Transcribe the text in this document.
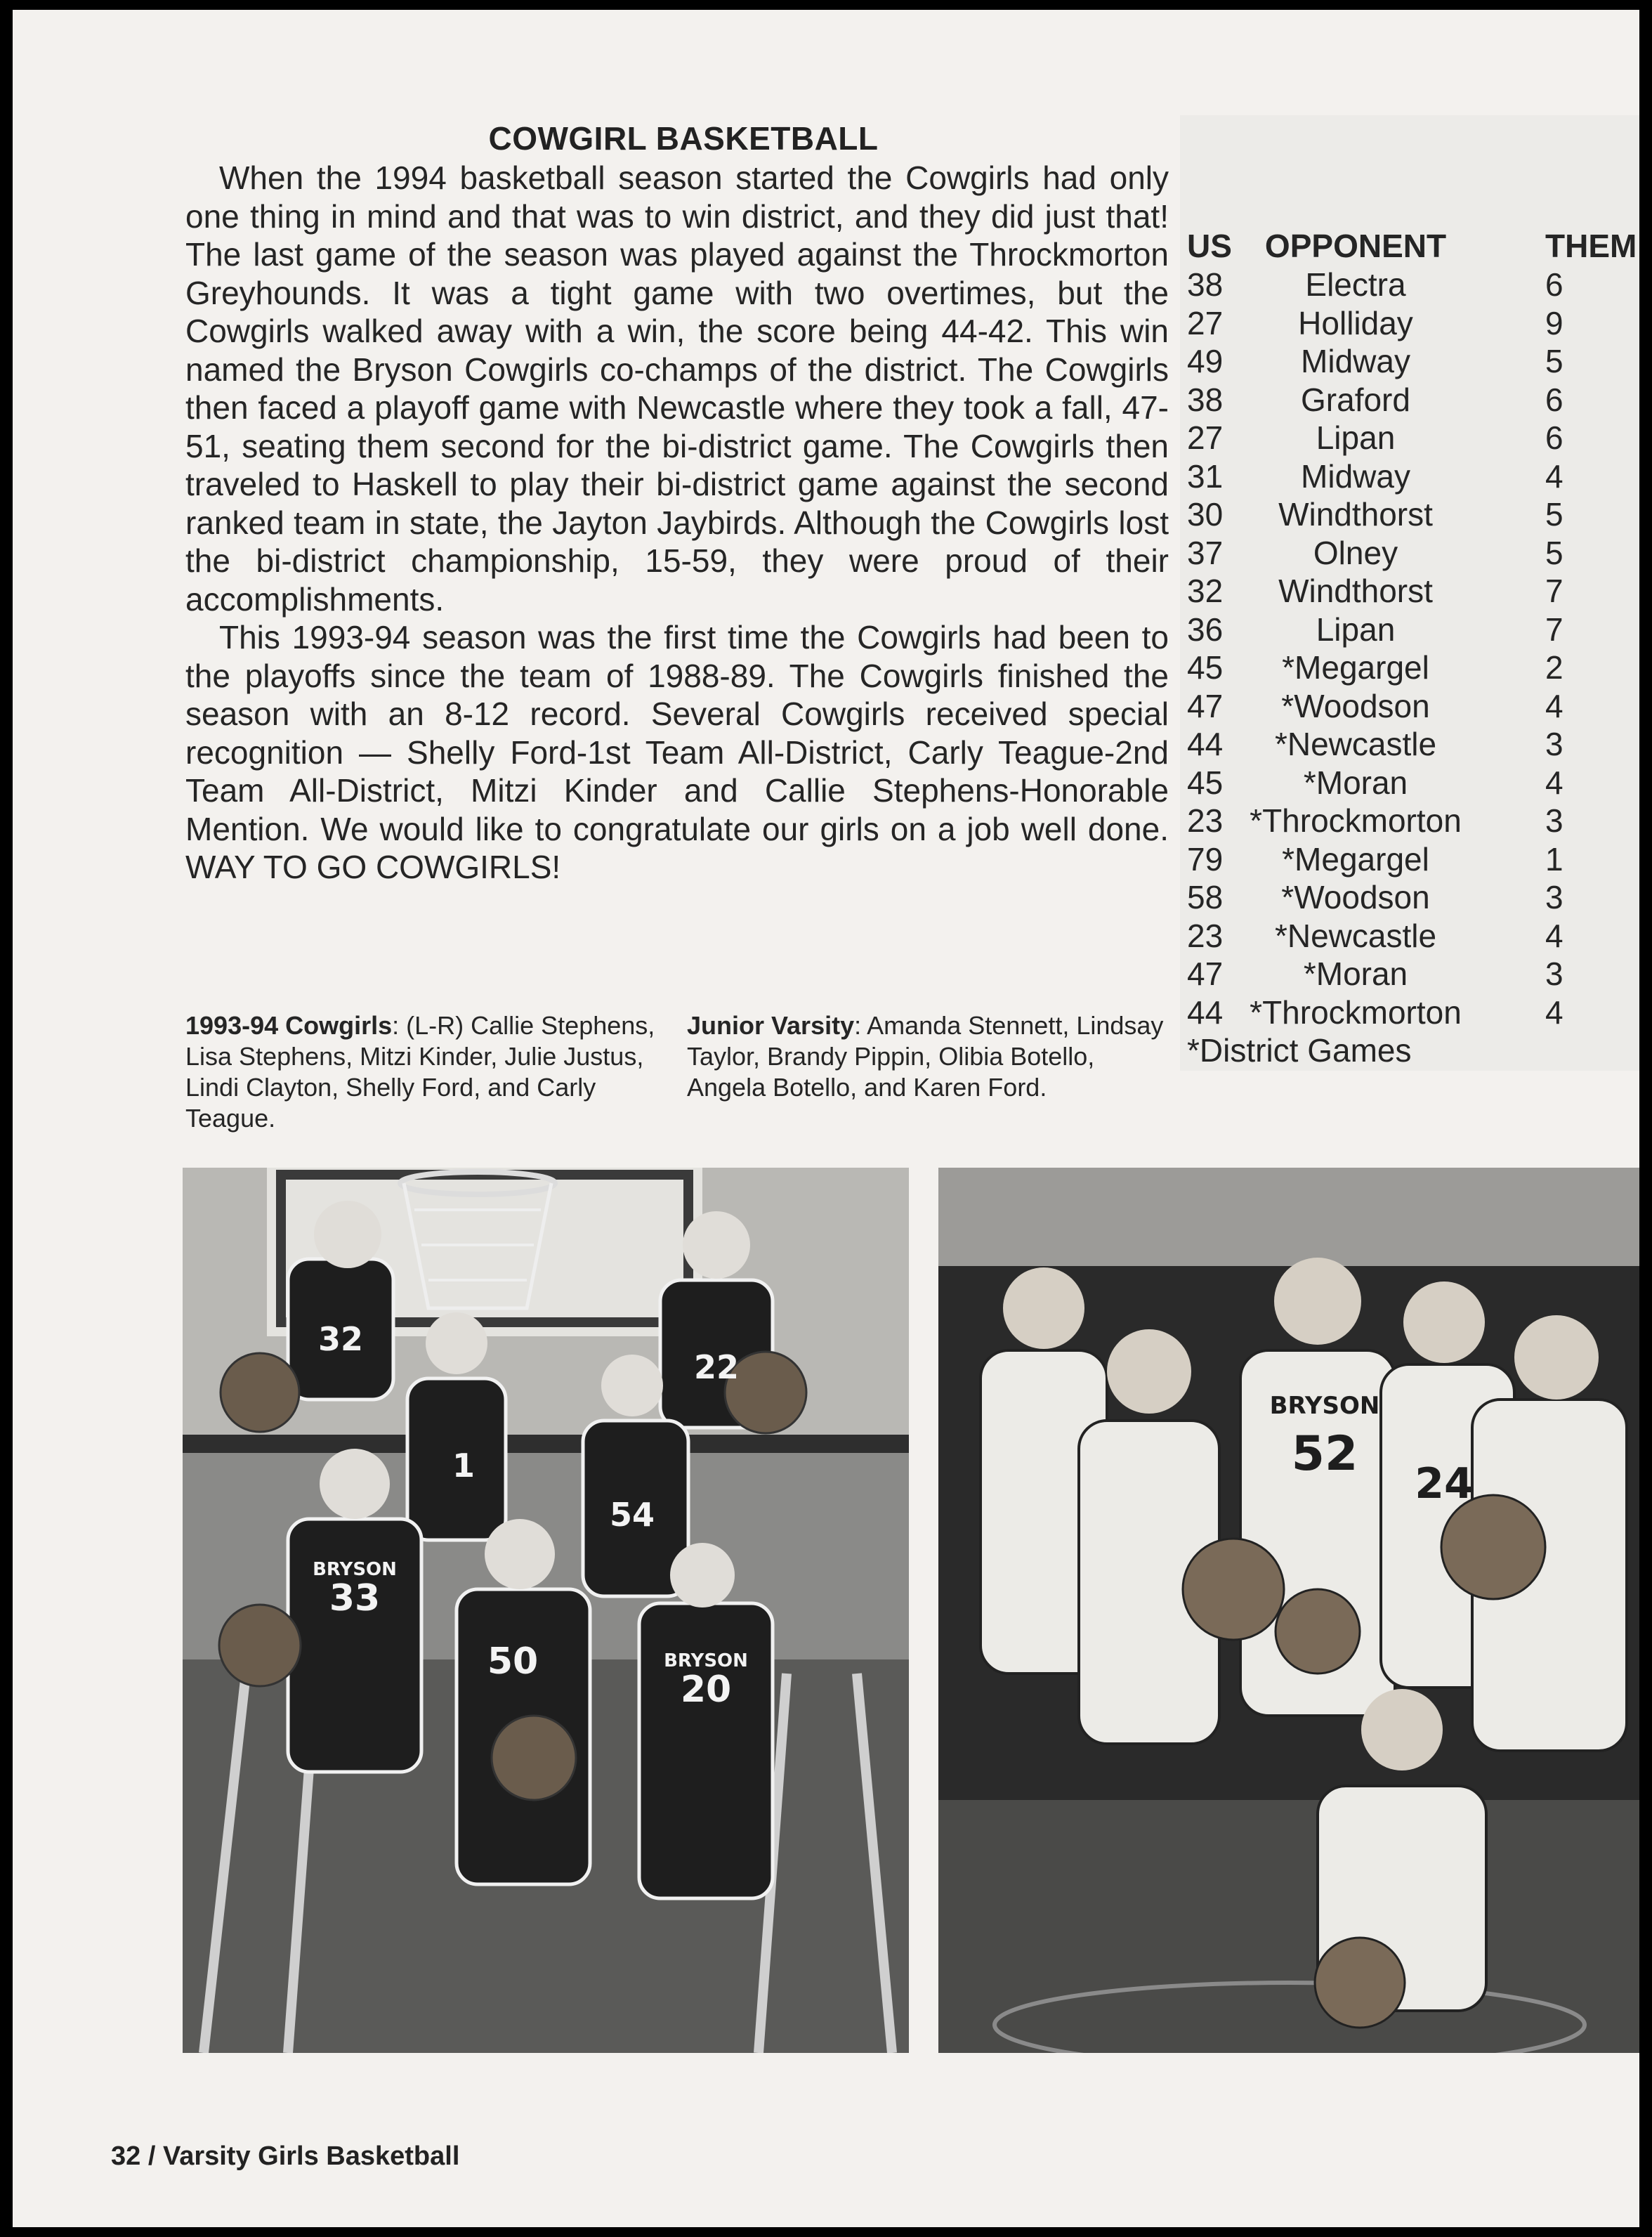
COWGIRL BASKETBALL

When the 1994 basketball season started the Cowgirls had only one thing in mind and that was to win district, and they did just that! The last game of the season was played against the Throckmorton Greyhounds. It was a tight game with two overtimes, but the Cowgirls walked away with a win, the score being 44-42. This win named the Bryson Cowgirls co-champs of the district. The Cowgirls then faced a playoff game with Newcastle where they took a fall, 47-51, seating them second for the bi-district game. The Cowgirls then traveled to Haskell to play their bi-district game against the second ranked team in state, the Jayton Jaybirds. Although the Cowgirls lost the bi-district championship, 15-59, they were proud of their accomplishments.

This 1993-94 season was the first time the Cowgirls had been to the playoffs since the team of 1988-89. The Cowgirls finished the season with an 8-12 record. Several Cowgirls received special recognition — Shelly Ford-1st Team All-District, Carly Teague-2nd Team All-District, Mitzi Kinder and Callie Stephens-Honorable Mention. We would like to congratulate our girls on a job well done. WAY TO GO COWGIRLS!

US	OPPONENT	THEM
38	Electra	6
27	Holliday	9
49	Midway	5
38	Graford	6
27	Lipan	6
31	Midway	4
30	Windthorst	5
37	Olney	5
32	Windthorst	7
36	Lipan	7
45	*Megargel	2
47	*Woodson	4
44	*Newcastle	3
45	*Moran	4
23 *Throckmorton	3
79	*Megargel	1
58	*Woodson	3
23	*Newcastle	4
47	*Moran	3
44 *Throckmorton	4
*District Games
1993-94 Cowgirls: (L-R) Callie Stephens, Lisa Stephens, Mitzi Kinder, Julie Justus, Lindi Clayton, Shelly Ford, and Carly Teague.
Junior Varsity: Amanda Stennett, Lindsay Taylor, Brandy Pippin, Olibia Botello, Angela Botello, and Karen Ford.
32
22
1
54
33
50
20
BRYSON
BRYSON
52
24
BRYSON
32 / Varsity Girls Basketball
